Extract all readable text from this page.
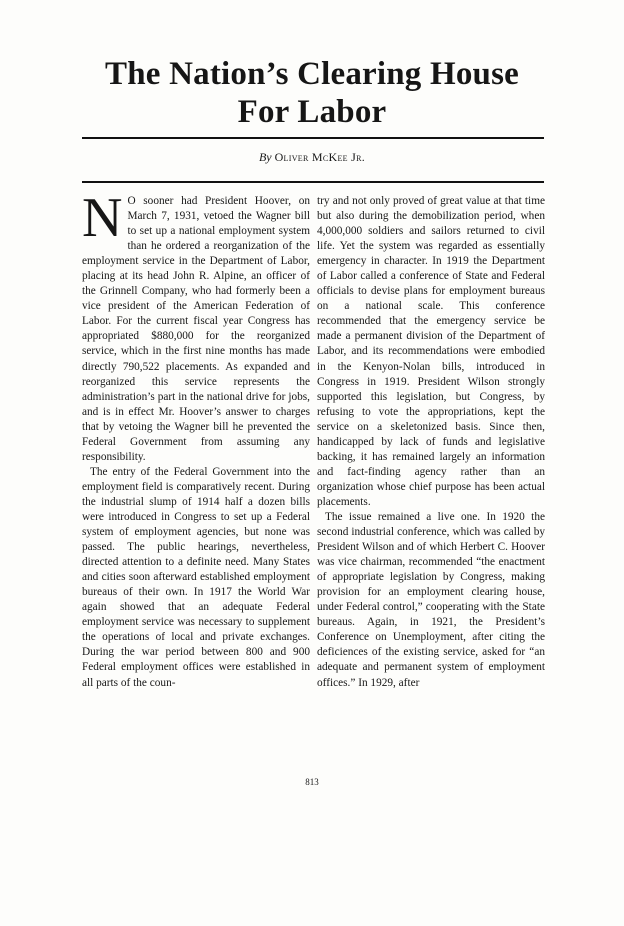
The Nation’s Clearing House
For Labor
By Oliver McKee Jr.
N O sooner had President Hoover, on March 7, 1931, vetoed the Wagner bill to set up a national employment system than he ordered a reorganization of the employment service in the Department of Labor, placing at its head John R. Alpine, an officer of the Grinnell Company, who had formerly been a vice president of the American Federation of Labor. For the current fiscal year Congress has appropriated $880,000 for the reorganized service, which in the first nine months has made directly 790,522 placements. As expanded and reorganized this service represents the administration’s part in the national drive for jobs, and is in effect Mr. Hoover’s answer to charges that by vetoing the Wagner bill he prevented the Federal Government from assuming any responsibility.

The entry of the Federal Government into the employment field is comparatively recent. During the industrial slump of 1914 half a dozen bills were introduced in Congress to set up a Federal system of employment agencies, but none was passed. The public hearings, nevertheless, directed attention to a definite need. Many States and cities soon afterward established employment bureaus of their own. In 1917 the World War again showed that an adequate Federal employment service was necessary to supplement the operations of local and private exchanges. During the war period between 800 and 900 Federal employment offices were established in all parts of the coun-

try and not only proved of great value at that time but also during the demobilization period, when 4,000,000 soldiers and sailors returned to civil life. Yet the system was regarded as essentially emergency in character. In 1919 the Department of Labor called a conference of State and Federal officials to devise plans for employment bureaus on a national scale. This conference recommended that the emergency service be made a permanent division of the Department of Labor, and its recommendations were embodied in the Kenyon-Nolan bills, introduced in Congress in 1919. President Wilson strongly supported this legislation, but Congress, by refusing to vote the appropriations, kept the service on a skeletonized basis. Since then, handicapped by lack of funds and legislative backing, it has remained largely an information and fact-finding agency rather than an organization whose chief purpose has been actual placements.

The issue remained a live one. In 1920 the second industrial conference, which was called by President Wilson and of which Herbert C. Hoover was vice chairman, recommended “the enactment of appropriate legislation by Congress, making provision for an employment clearing house, under Federal control,” cooperating with the State bureaus. Again, in 1921, the President’s Conference on Unemployment, after citing the deficiences of the existing service, asked for “an adequate and permanent system of employment offices.” In 1929, after

813
